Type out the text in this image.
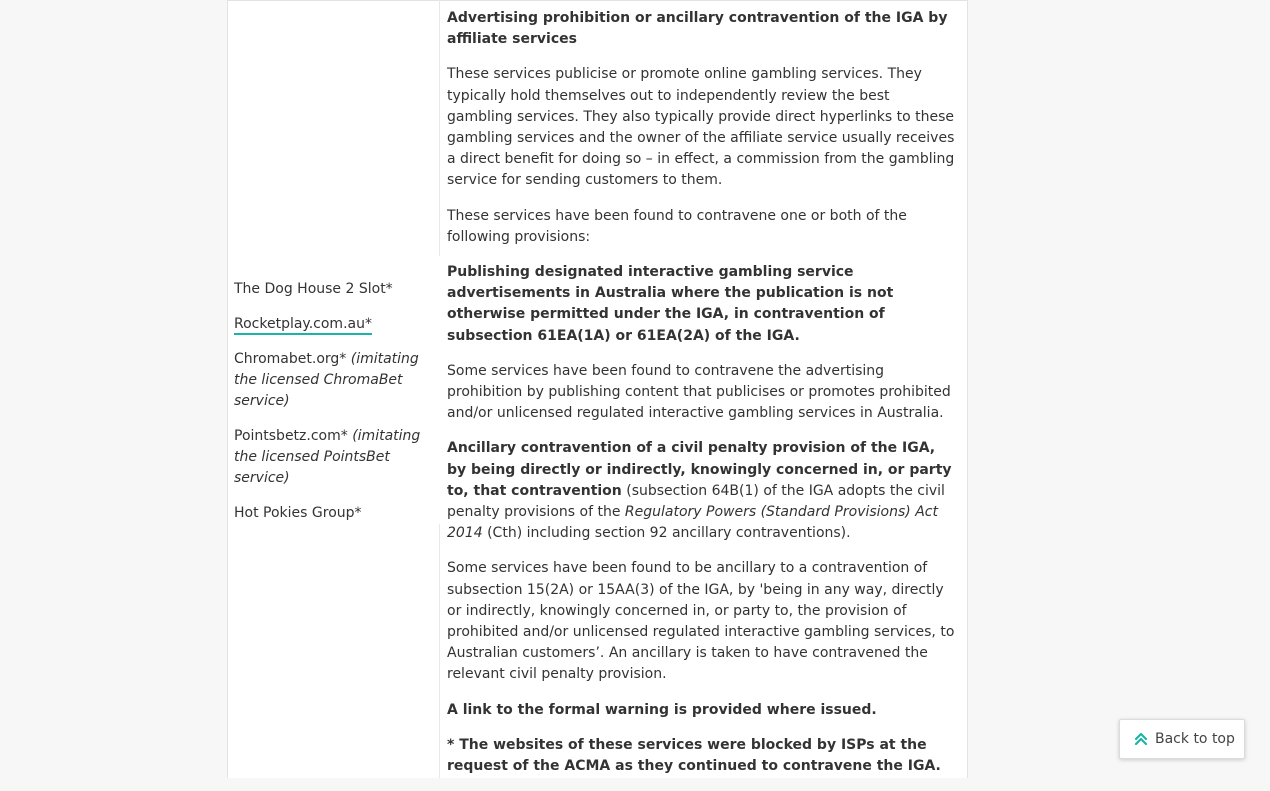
The Dog House 2 Slot*
Rocketplay.com.au*
Chromabet.org* (imitating the licensed ChromaBet service)
Pointsbetz.com* (imitating the licensed PointsBet service)
Hot Pokies Group*

Advertising prohibition or ancillary contravention of the IGA by affiliate services

These services publicise or promote online gambling services. They typically hold themselves out to independently review the best gambling services. They also typically provide direct hyperlinks to these gambling services and the owner of the affiliate service usually receives a direct benefit for doing so – in effect, a commission from the gambling service for sending customers to them.

These services have been found to contravene one or both of the following provisions:

Publishing designated interactive gambling service advertisements in Australia where the publication is not otherwise permitted under the IGA, in contravention of subsection 61EA(1A) or 61EA(2A) of the IGA.

Some services have been found to contravene the advertising prohibition by publishing content that publicises or promotes prohibited and/or unlicensed regulated interactive gambling services in Australia.

Ancillary contravention of a civil penalty provision of the IGA, by being directly or indirectly, knowingly concerned in, or party to, that contravention (subsection 64B(1) of the IGA adopts the civil penalty provisions of the Regulatory Powers (Standard Provisions) Act 2014 (Cth) including section 92 ancillary contraventions).

Some services have been found to be ancillary to a contravention of subsection 15(2A) or 15AA(3) of the IGA, by 'being in any way, directly or indirectly, knowingly concerned in, or party to, the provision of prohibited and/or unlicensed regulated interactive gambling services, to Australian customers’. An ancillary is taken to have contravened the relevant civil penalty provision.

A link to the formal warning is provided where issued.

* The websites of these services were blocked by ISPs at the request of the ACMA as they continued to contravene the IGA.

Back to top
